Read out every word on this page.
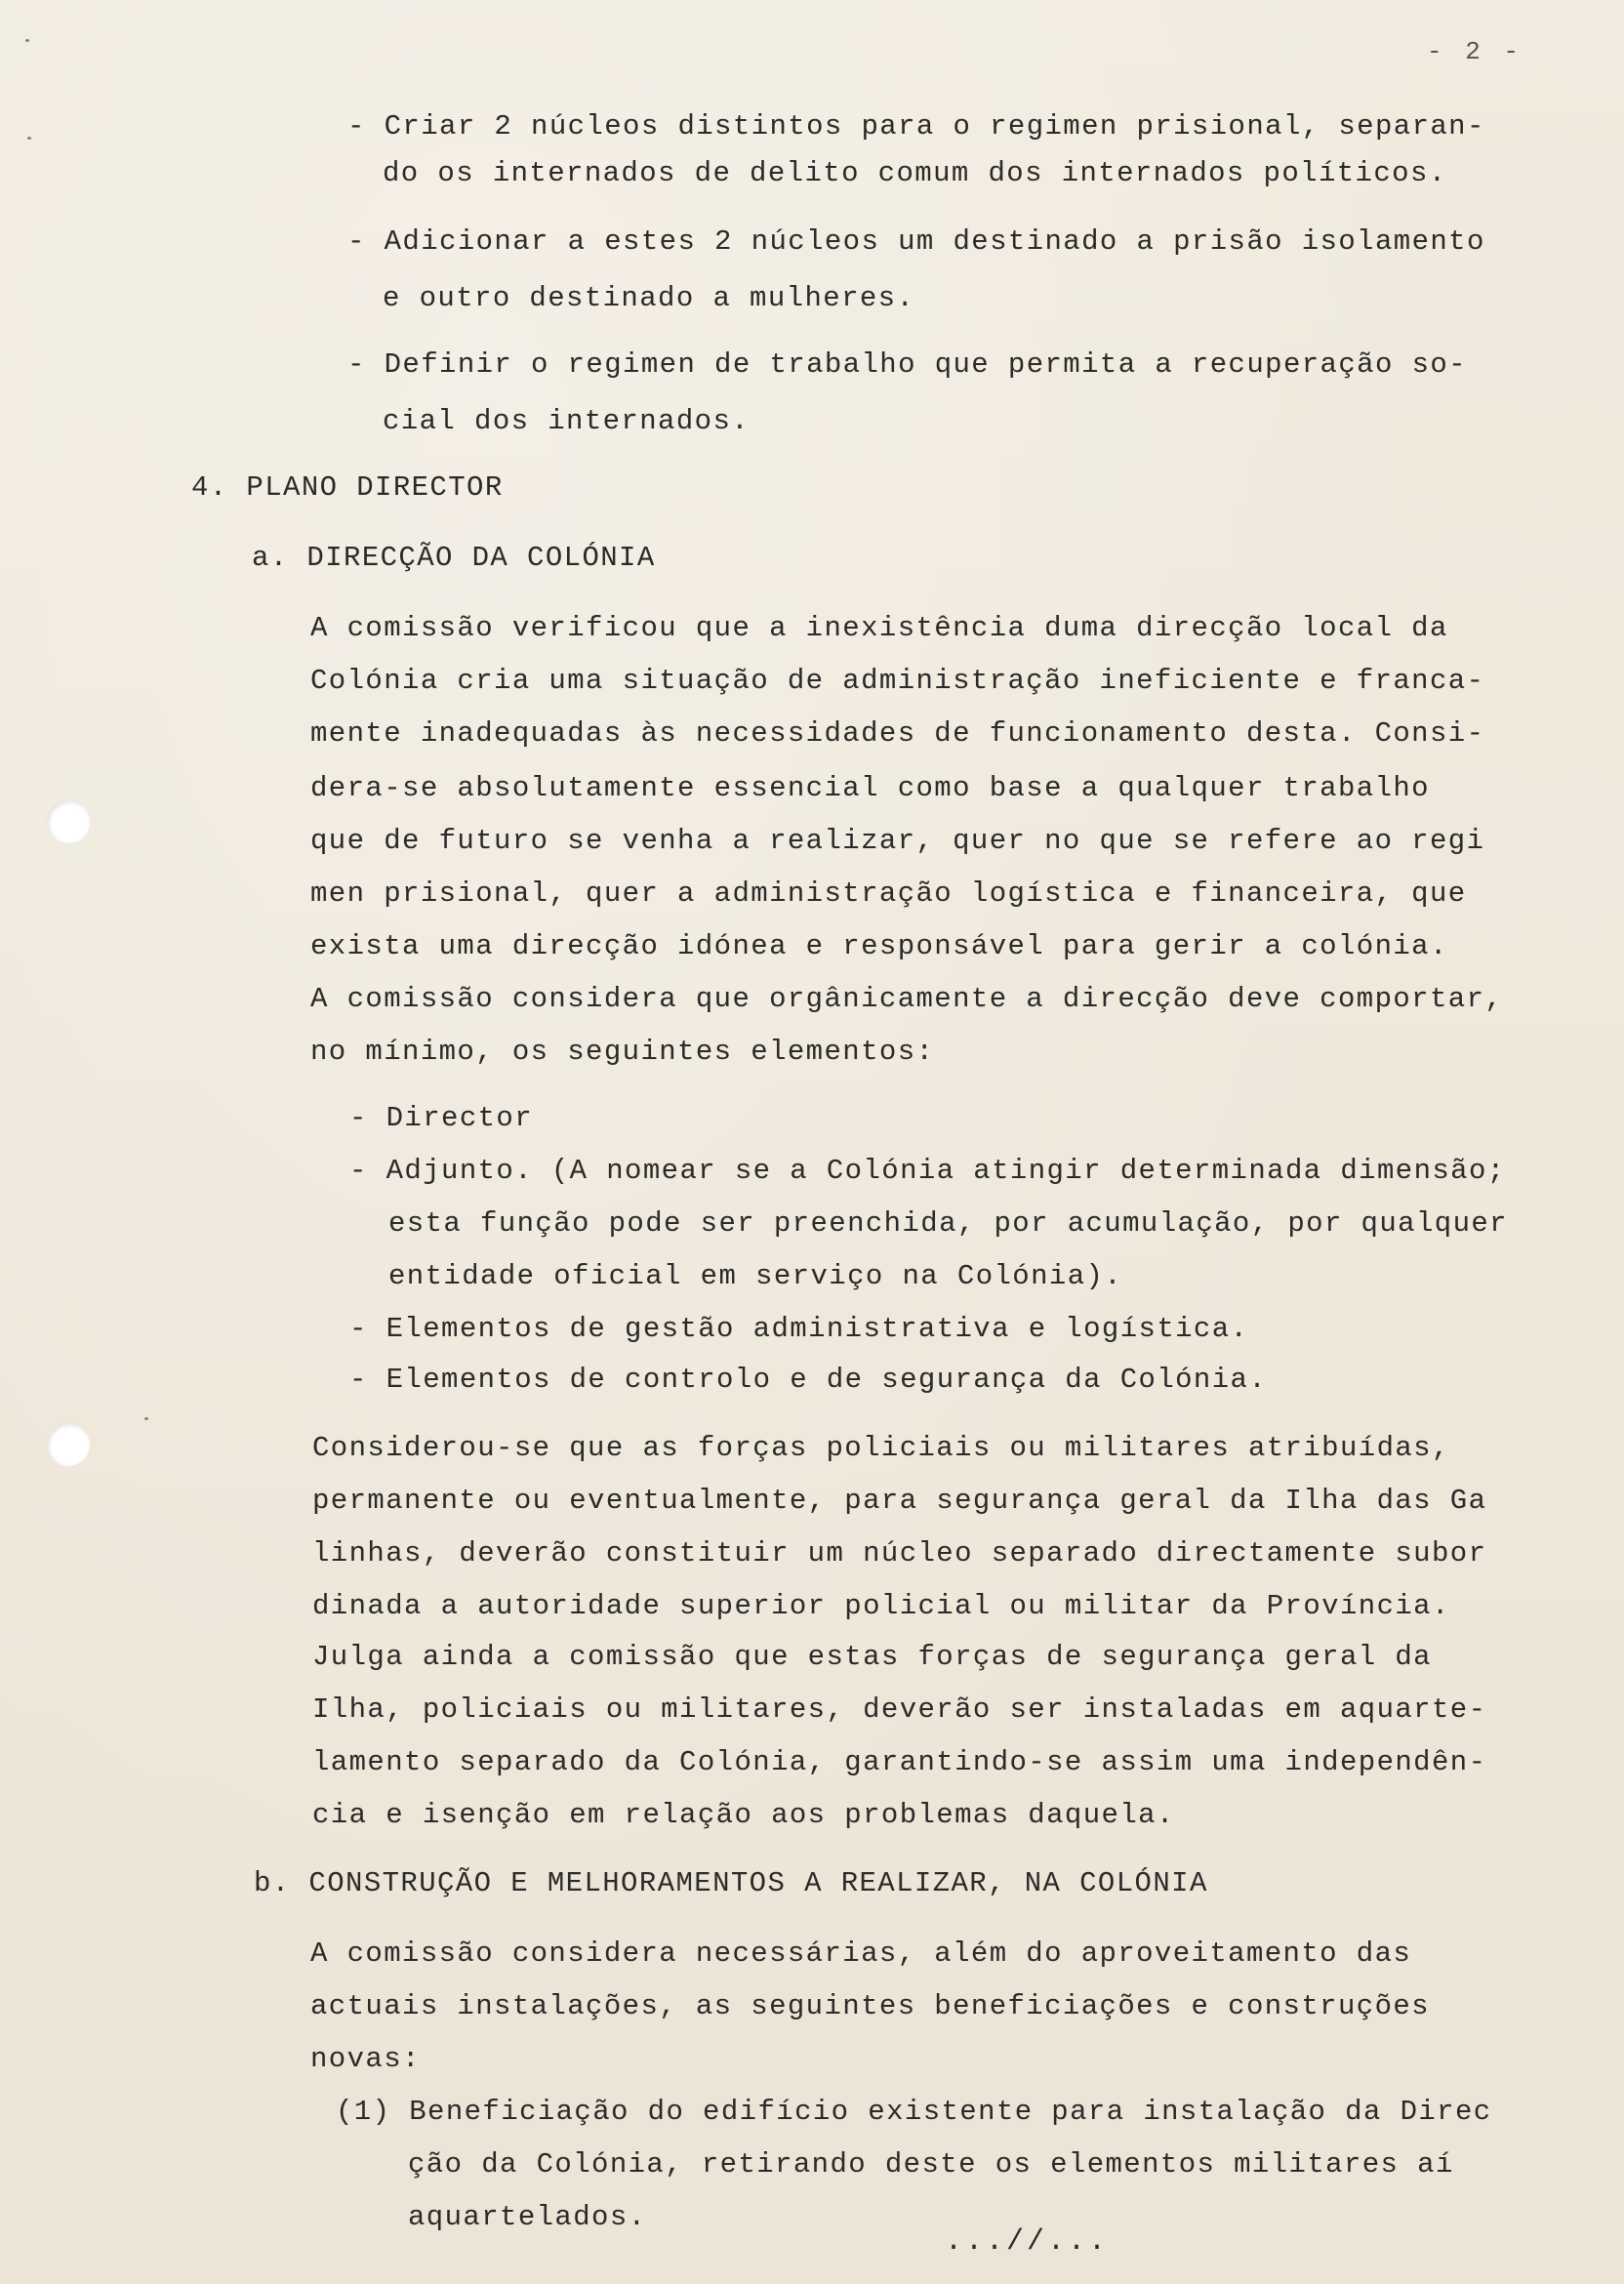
- 2 -
- Criar 2 núcleos distintos para o regimen prisional, separan-
do os internados de delito comum dos internados políticos.
- Adicionar a estes 2 núcleos um destinado a prisão isolamento
e outro destinado a mulheres.
- Definir o regimen de trabalho que permita a recuperação so-
cial dos internados.
4. PLANO DIRECTOR
a. DIRECÇÃO DA COLÓNIA
A comissão verificou que a inexistência duma direcção local da
Colónia cria uma situação de administração ineficiente e franca-
mente inadequadas às necessidades de funcionamento desta. Consi-
dera-se absolutamente essencial como base a qualquer trabalho
que de futuro se venha a realizar, quer no que se refere ao regi
men prisional, quer a administração logística e financeira, que
exista uma direcção idónea e responsável para gerir a colónia.
A comissão considera que orgânicamente a direcção deve comportar,
no mínimo, os seguintes elementos:
- Director
- Adjunto. (A nomear se a Colónia atingir determinada dimensão;
esta função pode ser preenchida, por acumulação, por qualquer
entidade oficial em serviço na Colónia).
- Elementos de gestão administrativa e logística.
- Elementos de controlo e de segurança da Colónia.
Considerou-se que as forças policiais ou militares atribuídas,
permanente ou eventualmente, para segurança geral da Ilha das Ga
linhas, deverão constituir um núcleo separado directamente subor
dinada a autoridade superior policial ou militar da Província.
Julga ainda a comissão que estas forças de segurança geral da
Ilha, policiais ou militares, deverão ser instaladas em aquarte-
lamento separado da Colónia, garantindo-se assim uma independên-
cia e isenção em relação aos problemas daquela.
b. CONSTRUÇÃO E MELHORAMENTOS A REALIZAR, NA COLÓNIA
A comissão considera necessárias, além do aproveitamento das
actuais instalações, as seguintes beneficiações e construções
novas:
(1) Beneficiação do edifício existente para instalação da Direc
ção da Colónia, retirando deste os elementos militares aí
aquartelados.
...//...
